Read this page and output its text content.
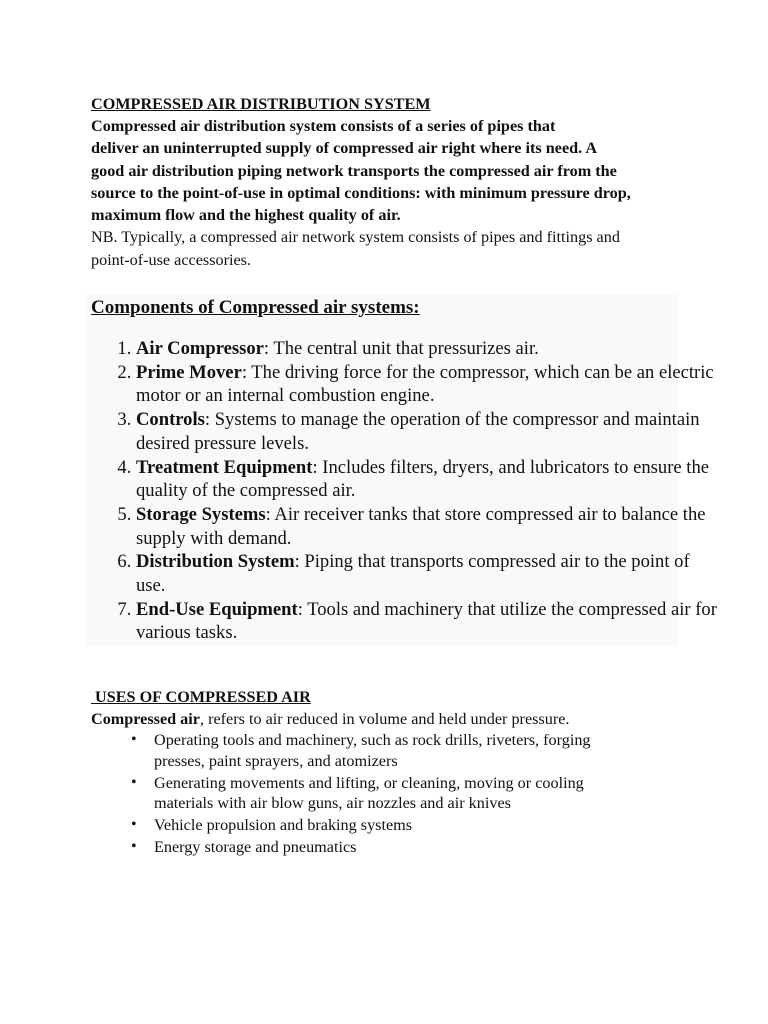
COMPRESSED AIR DISTRIBUTION SYSTEM

Compressed air distribution system consists of a series of pipes that
deliver an uninterrupted supply of compressed air right where its need. A
good air distribution piping network transports the compressed air from the
source to the point-of-use in optimal conditions: with minimum pressure drop,
maximum flow and the highest quality of air.

NB. Typically, a compressed air network system consists of pipes and fittings and
point-of-use accessories.

Components of Compressed air systems:
1. Air Compressor: The central unit that pressurizes air.
2. Prime Mover: The driving force for the compressor, which can be an electric motor or an internal combustion engine.
3. Controls: Systems to manage the operation of the compressor and maintain desired pressure levels.
4. Treatment Equipment: Includes filters, dryers, and lubricators to ensure the quality of the compressed air.
5. Storage Systems: Air receiver tanks that store compressed air to balance the supply with demand.
6. Distribution System: Piping that transports compressed air to the point of use.
7. End-Use Equipment: Tools and machinery that utilize the compressed air for various tasks.
USES OF COMPRESSED AIR

Compressed air, refers to air reduced in volume and held under pressure.

• Operating tools and machinery, such as rock drills, riveters, forging
presses, paint sprayers, and atomizers
• Generating movements and lifting, or cleaning, moving or cooling
materials with air blow guns, air nozzles and air knives
• Vehicle propulsion and braking systems
• Energy storage and pneumatics
